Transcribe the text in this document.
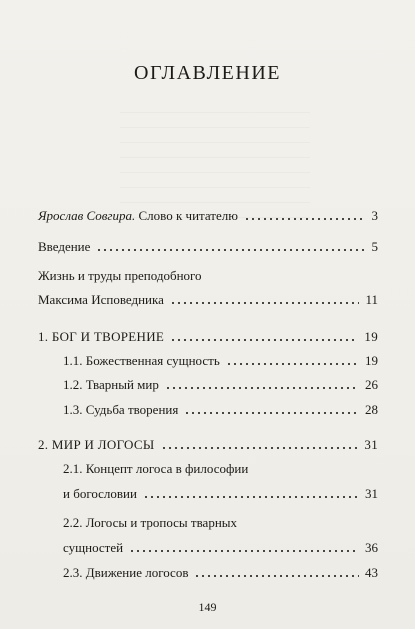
ОГЛАВЛЕНИЕ
Ярослав Совгира. Слово к читателю	3
Введение	5
Жизнь и труды преподобного
Максима Исповедника	11
1. БОГ И ТВОРЕНИЕ	19
1.1. Божественная сущность	19
1.2. Тварный мир	26
1.3. Судьба творения	28
2. МИР И ЛОГОСЫ	31
2.1. Концепт логоса в философии
и богословии	31
2.2. Логосы и тропосы тварных
сущностей	36
2.3. Движение логосов	43
149
